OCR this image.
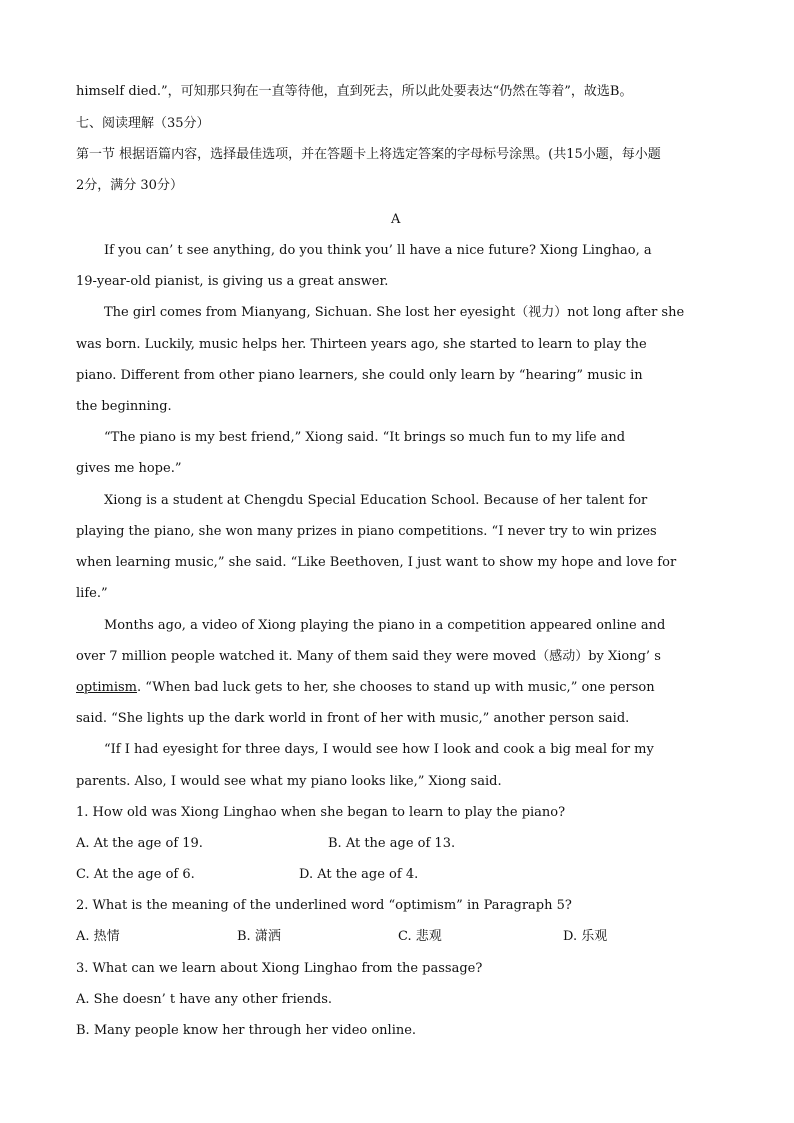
himself died.”，可知那只狗在一直等待他，直到死去，所以此处要表达“仍然在等着”，故选B。
七、阅读理解（35分）
第一节 根据语篇内容，选择最佳选项，并在答题卡上将选定答案的字母标号涂黑。(共15小题，每小题
2分，满分 30分）
A
If you can’ t see anything, do you think you’ ll have a nice future? Xiong Linghao, a
19-year-old pianist, is giving us a great answer.
The girl comes from Mianyang, Sichuan. She lost her eyesight（视力）not long after she
was born. Luckily, music helps her. Thirteen years ago, she started to learn to play the
piano. Different from other piano learners, she could only learn by “hearing” music in
the beginning.
“The piano is my best friend,” Xiong said. “It brings so much fun to my life and
gives me hope.”
Xiong is a student at Chengdu Special Education School. Because of her talent for
playing the piano, she won many prizes in piano competitions. “I never try to win prizes
when learning music,” she said. “Like Beethoven, I just want to show my hope and love for
life.”
Months ago, a video of Xiong playing the piano in a competition appeared online and
over 7 million people watched it. Many of them said they were moved（感动）by Xiong’ s
optimism. “When bad luck gets to her, she chooses to stand up with music,” one person
said. “She lights up the dark world in front of her with music,” another person said.
“If I had eyesight for three days, I would see how I look and cook a big meal for my
parents. Also, I would see what my piano looks like,” Xiong said.
1. How old was Xiong Linghao when she began to learn to play the piano?
A. At the age of 19.	B. At the age of 13.
C. At the age of 6.	D. At the age of 4.
2. What is the meaning of the underlined word “optimism” in Paragraph 5?
A. 热情	B. 潇洒	C. 悲观	D. 乐观
3. What can we learn about Xiong Linghao from the passage?
A. She doesn’ t have any other friends.
B. Many people know her through her video online.
